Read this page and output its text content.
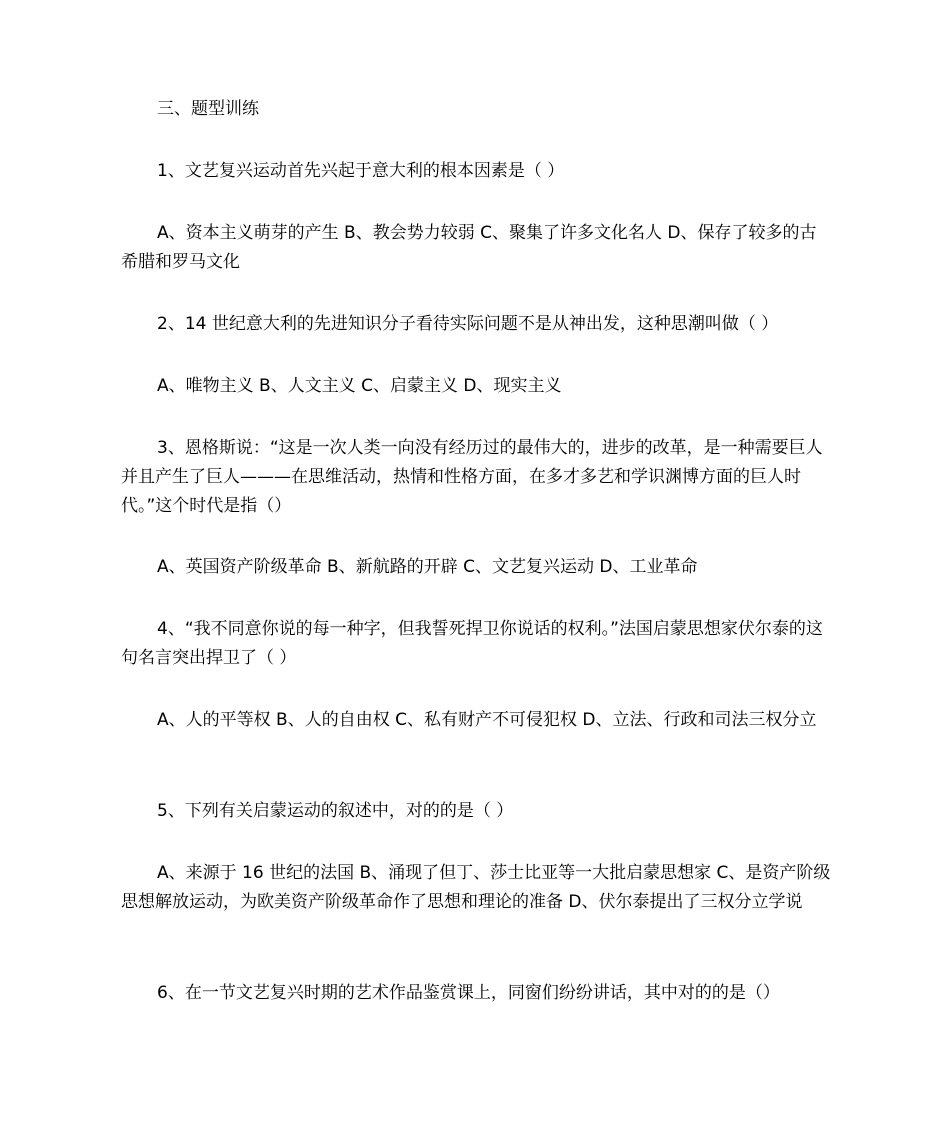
三、题型训练

1、文艺复兴运动首先兴起于意大利的根本因素是（ ）

A、资本主义萌芽的产生 B、教会势力较弱 C、聚集了许多文化名人 D、保存了较多的古希腊和罗马文化

2、14 世纪意大利的先进知识分子看待实际问题不是从神出发，这种思潮叫做（ ）

A、唯物主义 B、人文主义 C、启蒙主义 D、现实主义

3、恩格斯说：“这是一次人类一向没有经历过的最伟大的，进步的改革，是一种需要巨人并且产生了巨人———在思维活动，热情和性格方面，在多才多艺和学识渊博方面的巨人时代。”这个时代是指（）

A、英国资产阶级革命 B、新航路的开辟 C、文艺复兴运动 D、工业革命

4、“我不同意你说的每一种字，但我誓死捍卫你说话的权利。”法国启蒙思想家伏尔泰的这句名言突出捍卫了（ ）

A、人的平等权 B、人的自由权 C、私有财产不可侵犯权 D、立法、行政和司法三权分立

5、下列有关启蒙运动的叙述中，对的的是（ ）

A、来源于 16 世纪的法国 B、涌现了但丁、莎士比亚等一大批启蒙思想家 C、是资产阶级思想解放运动，为欧美资产阶级革命作了思想和理论的准备 D、伏尔泰提出了三权分立学说

6、在一节文艺复兴时期的艺术作品鉴赏课上，同窗们纷纷讲话，其中对的的是（）
